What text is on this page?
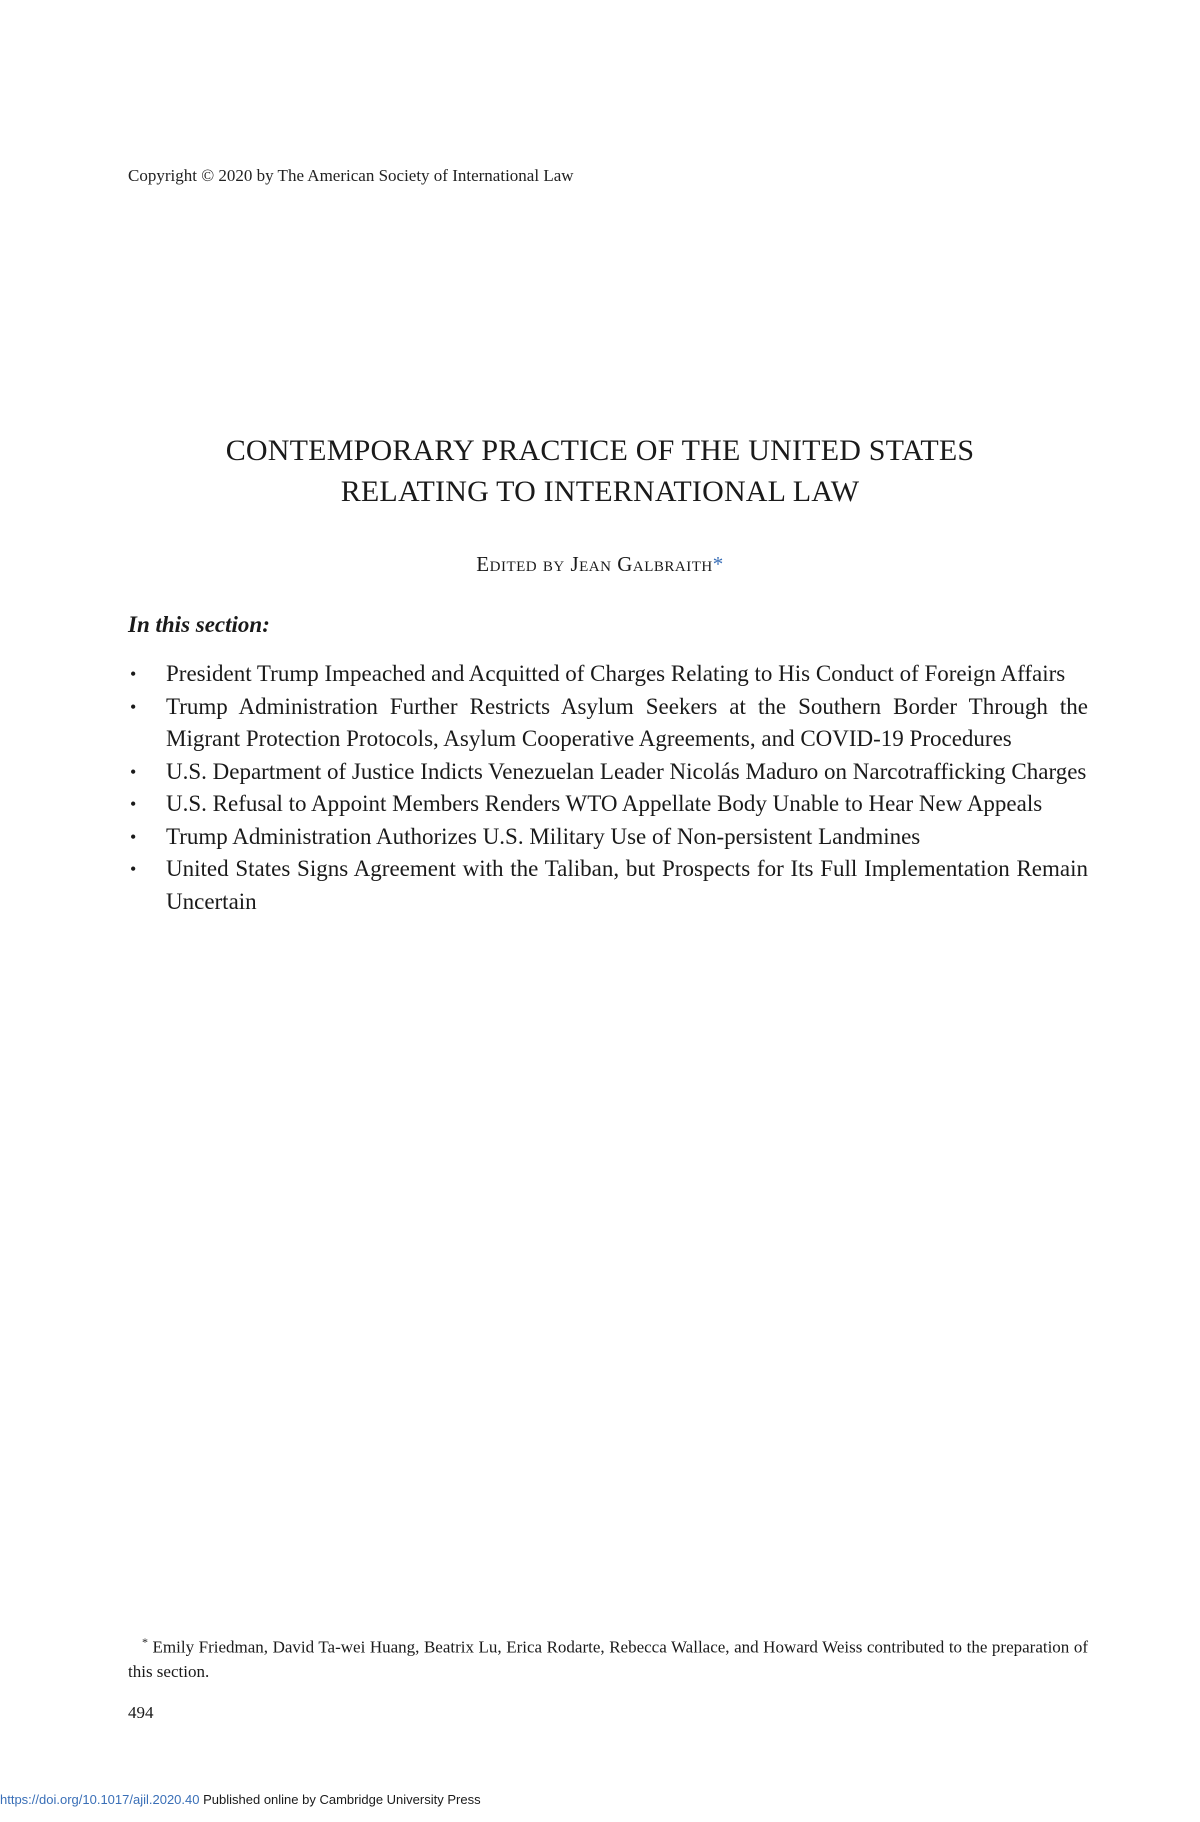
Copyright © 2020 by The American Society of International Law
CONTEMPORARY PRACTICE OF THE UNITED STATES
RELATING TO INTERNATIONAL LAW
Edited by Jean Galbraith*
In this section:
• President Trump Impeached and Acquitted of Charges Relating to His Conduct of Foreign Affairs
• Trump Administration Further Restricts Asylum Seekers at the Southern Border Through the Migrant Protection Protocols, Asylum Cooperative Agreements, and COVID-19 Procedures
• U.S. Department of Justice Indicts Venezuelan Leader Nicolás Maduro on Narcotrafficking Charges
• U.S. Refusal to Appoint Members Renders WTO Appellate Body Unable to Hear New Appeals
• Trump Administration Authorizes U.S. Military Use of Non-persistent Landmines
• United States Signs Agreement with the Taliban, but Prospects for Its Full Implementation Remain Uncertain
* Emily Friedman, David Ta-wei Huang, Beatrix Lu, Erica Rodarte, Rebecca Wallace, and Howard Weiss contributed to the preparation of this section.
494
https://doi.org/10.1017/ajil.2020.40 Published online by Cambridge University Press
